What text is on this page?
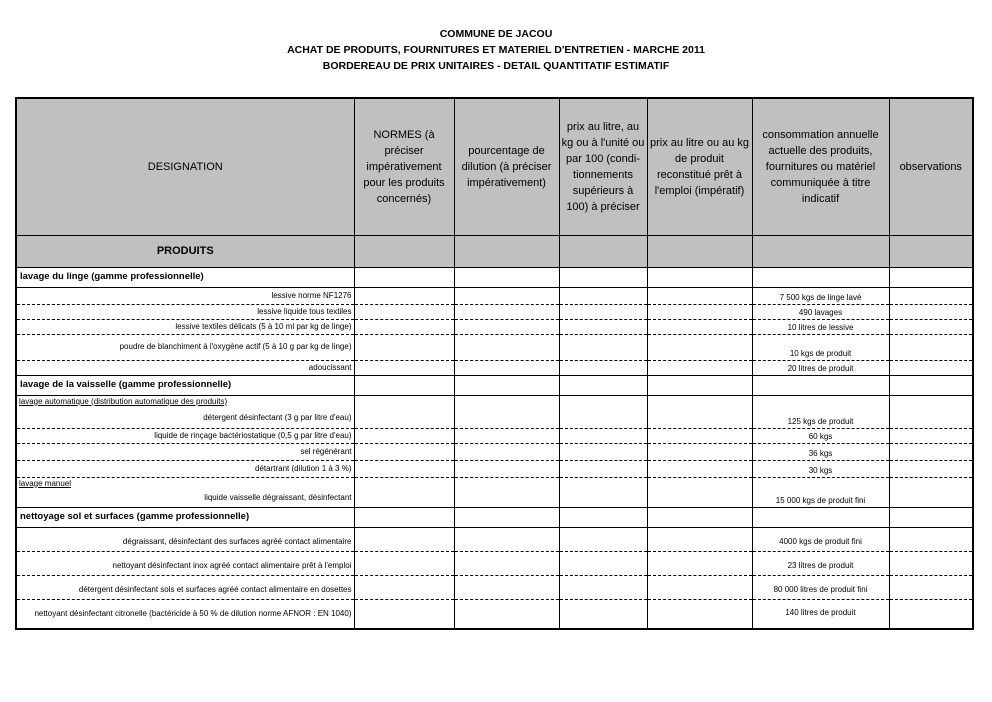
COMMUNE DE JACOU
ACHAT DE PRODUITS, FOURNITURES ET MATERIEL D'ENTRETIEN - MARCHE 2011
BORDEREAU DE PRIX UNITAIRES - DETAIL QUANTITATIF ESTIMATIF
DESIGNATION	NORMES (à préciser impérativement pour les produits concernés)	pourcentage de dilution (à préciser impérativement)	prix au litre, au kg ou à l'unité ou par 100 (condi-tionnements supérieurs à 100) à préciser	prix au litre ou au kg de produit reconstitué prêt à l'emploi (impératif)	consommation annuelle actuelle des produits, fournitures ou matériel communiquée à titre indicatif	observations
PRODUITS						
lavage du linge (gamme professionnelle)						
lessive norme NF1276					7 500 kgs de linge lavé	
lessive liquide tous textiles					490 lavages	
lessive textiles délicats (5 à 10 ml par kg de linge)					10 litres de lessive	
poudre de blanchiment à l'oxygène actif (5 à 10 g par kg de linge)					10 kgs de produit	
adoucissant					20 litres de produit	
lavage de la vaisselle (gamme professionnelle)						
lavage automatique (distribution automatique des produits)						
détergent désinfectant (3 g par litre d'eau)					125 kgs de produit	
liquide de rinçage bactériostatique (0,5 g par litre d'eau)					60 kgs	
sel régénérant					36 kgs	
détartrant (dilution 1 à 3 %)					30 kgs	
lavage manuel						
liquide vaisselle dégraissant, désinfectant					15 000 kgs de produit fini	
nettoyage sol et surfaces (gamme professionnelle)						
dégraissant, désinfectant des surfaces agréé contact alimentaire					4000 kgs de produit fini	
nettoyant désinfectant inox agréé contact alimentaire prêt à l'emploi					23 litres de produit	
détergent désinfectant sols et surfaces agréé contact alimentaire en dosettes					80 000 litres de produit fini	
nettoyant désinfectant citronelle (bactéricide à 50 % de dilution norme AFNOR : EN 1040)					140 litres de produit	
